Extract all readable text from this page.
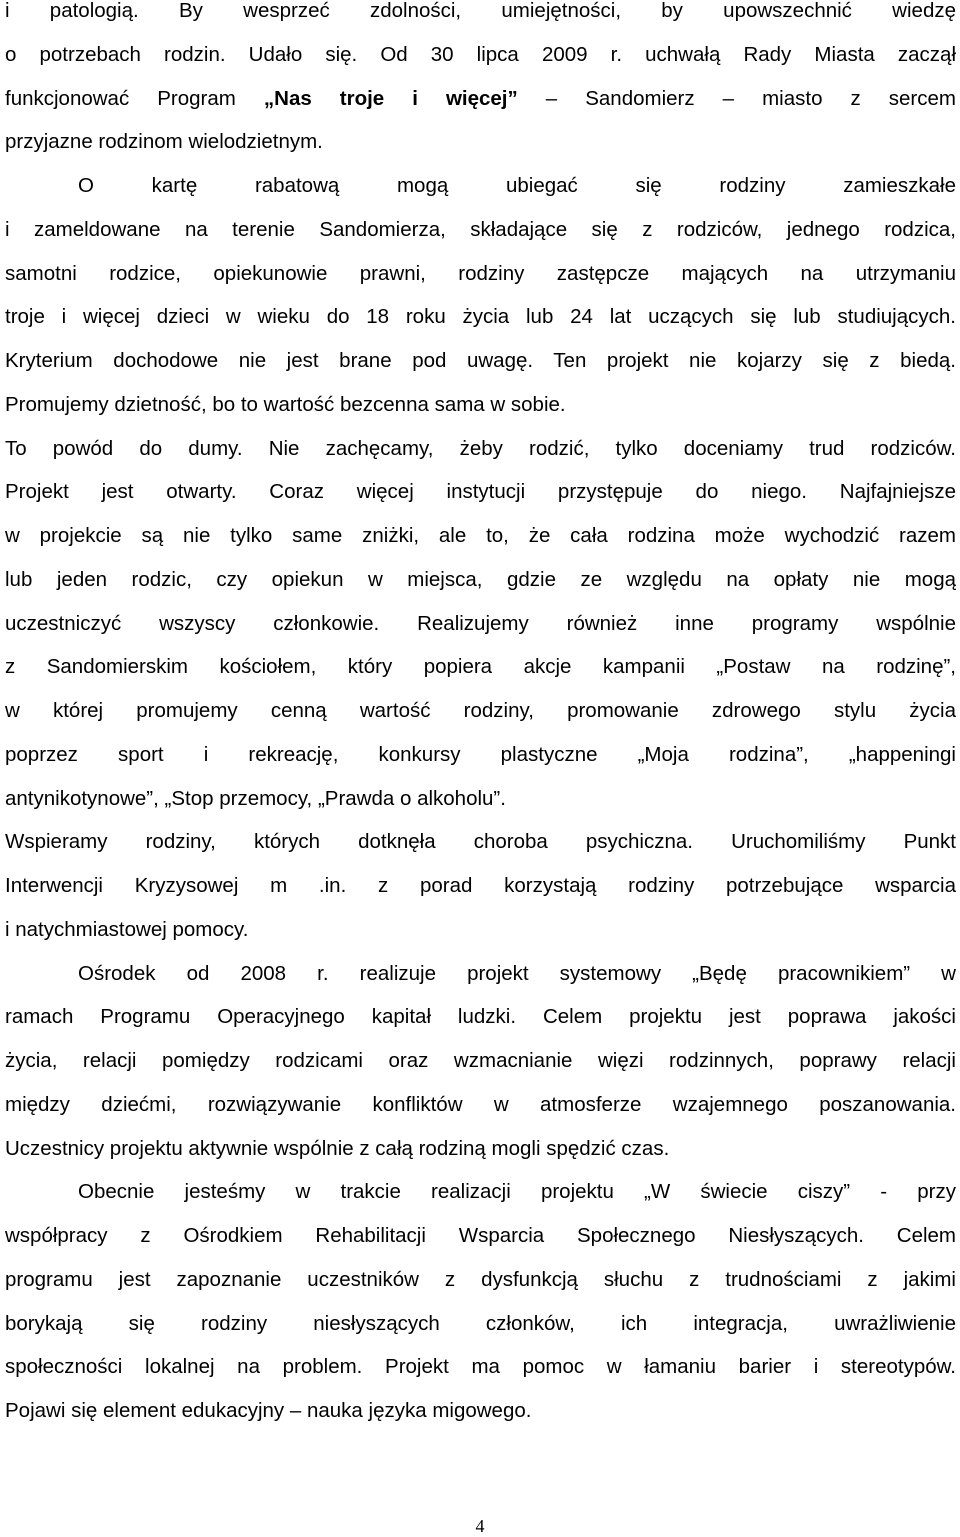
i patologią. By wesprzeć zdolności, umiejętności, by upowszechnić wiedzę
o potrzebach rodzin. Udało się. Od 30 lipca 2009 r. uchwałą Rady Miasta zaczął
funkcjonować Program „Nas troje i więcej” – Sandomierz – miasto z sercem
przyjazne rodzinom wielodzietnym.
O kartę rabatową mogą ubiegać się rodziny zamieszkałe
i zameldowane na terenie Sandomierza, składające się z rodziców, jednego rodzica,
samotni rodzice, opiekunowie prawni, rodziny zastępcze mających na utrzymaniu
troje i więcej dzieci w wieku do 18 roku życia lub 24 lat uczących się lub studiujących.
Kryterium dochodowe nie jest brane pod uwagę. Ten projekt nie kojarzy się z biedą.
Promujemy dzietność, bo to wartość bezcenna sama w sobie.
To powód do dumy. Nie zachęcamy, żeby rodzić, tylko doceniamy trud rodziców.
Projekt jest otwarty. Coraz więcej instytucji przystępuje do niego. Najfajniejsze
w projekcie są nie tylko same zniżki, ale to, że cała rodzina może wychodzić razem
lub jeden rodzic, czy opiekun w miejsca, gdzie ze względu na opłaty nie mogą
uczestniczyć wszyscy członkowie. Realizujemy również inne programy wspólnie
z Sandomierskim kościołem, który popiera akcje kampanii „Postaw na rodzinę”,
w której promujemy cenną wartość rodziny, promowanie zdrowego stylu życia
poprzez sport i rekreację, konkursy plastyczne „Moja rodzina”, „happeningi
antynikotynowe”, „Stop przemocy, „Prawda o alkoholu”.
Wspieramy rodziny, których dotknęła choroba psychiczna. Uruchomiliśmy Punkt
Interwencji Kryzysowej m .in. z porad korzystają rodziny potrzebujące wsparcia
i natychmiastowej pomocy.
Ośrodek od 2008 r. realizuje projekt systemowy „Będę pracownikiem” w
ramach Programu Operacyjnego kapitał ludzki. Celem projektu jest poprawa jakości
życia, relacji pomiędzy rodzicami oraz wzmacnianie więzi rodzinnych, poprawy relacji
między dziećmi, rozwiązywanie konfliktów w atmosferze wzajemnego poszanowania.
Uczestnicy projektu aktywnie wspólnie z całą rodziną mogli spędzić czas.
Obecnie jesteśmy w trakcie realizacji projektu „W świecie ciszy” - przy
współpracy z Ośrodkiem Rehabilitacji Wsparcia Społecznego Niesłyszących. Celem
programu jest zapoznanie uczestników z dysfunkcją słuchu z trudnościami z jakimi
borykają się rodziny niesłyszących członków, ich integracja, uwrażliwienie
społeczności lokalnej na problem. Projekt ma pomoc w łamaniu barier i stereotypów.
Pojawi się element edukacyjny – nauka języka migowego.
4
